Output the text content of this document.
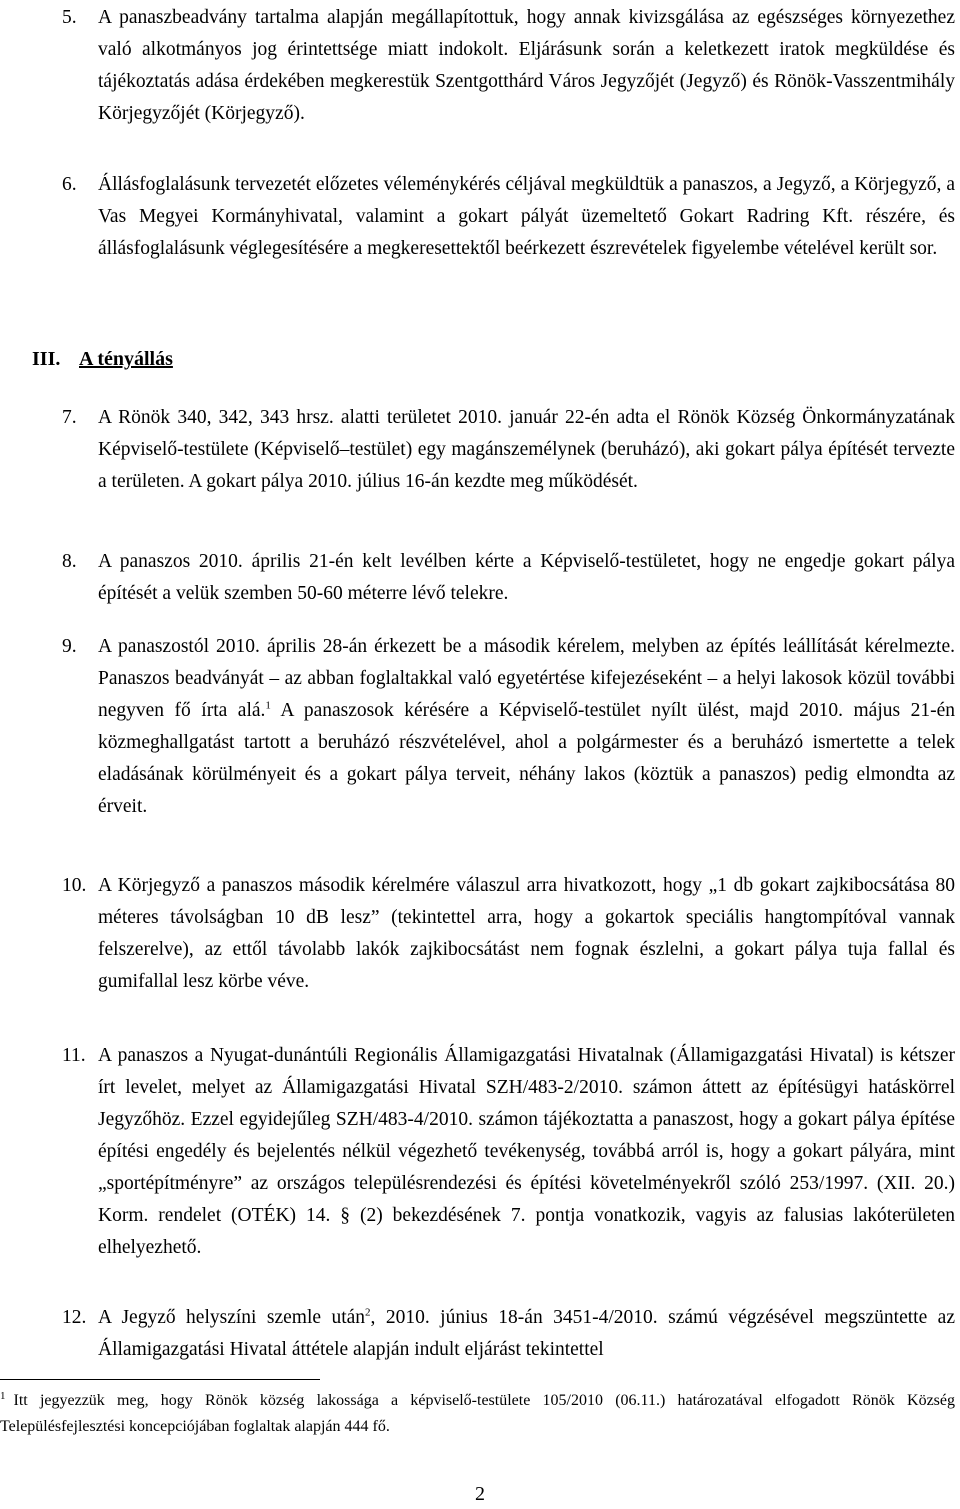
5. A panaszbeadvány tartalma alapján megállapítottuk, hogy annak kivizsgálása az egészséges környezethez való alkotmányos jog érintettsége miatt indokolt. Eljárásunk során a keletkezett iratok megküldése és tájékoztatás adása érdekében megkerestük Szentgotthárd Város Jegyzőjét (Jegyző) és Rönök-Vasszentmihály Körjegyzőjét (Körjegyző).
6. Állásfoglalásunk tervezetét előzetes véleménykérés céljával megküldtük a panaszos, a Jegyző, a Körjegyző, a Vas Megyei Kormányhivatal, valamint a gokart pályát üzemeltető Gokart Radring Kft. részére, és állásfoglalásunk véglegesítésére a megkeresettektől beérkezett észrevételek figyelembe vételével került sor.
III. A tényállás
7. A Rönök 340, 342, 343 hrsz. alatti területet 2010. január 22-én adta el Rönök Község Önkormányzatának Képviselő-testülete (Képviselő–testület) egy magánszemélynek (beruházó), aki gokart pálya építését tervezte a területen. A gokart pálya 2010. július 16-án kezdte meg működését.
8. A panaszos 2010. április 21-én kelt levélben kérte a Képviselő-testületet, hogy ne engedje gokart pálya építését a velük szemben 50-60 méterre lévő telekre.
9. A panaszostól 2010. április 28-án érkezett be a második kérelem, melyben az építés leállítását kérelmezte. Panaszos beadványát – az abban foglaltakkal való egyetértése kifejezéseként – a helyi lakosok közül további negyven fő írta alá.$^1$ A panaszosok kérésére a Képviselő-testület nyílt ülést, majd 2010. május 21-én közmeghallgatást tartott a beruházó részvételével, ahol a polgármester és a beruházó ismertette a telek eladásának körülményeit és a gokart pálya terveit, néhány lakos (köztük a panaszos) pedig elmondta az érveit.
10. A Körjegyző a panaszos második kérelmére válaszul arra hivatkozott, hogy „1 db gokart zajkibocsátása 80 méteres távolságban 10 dB lesz” (tekintettel arra, hogy a gokartok speciális hangtompítóval vannak felszerelve), az ettől távolabb lakók zajkibocsátást nem fognak észlelni, a gokart pálya tuja fallal és gumifallal lesz körbe véve.
11. A panaszos a Nyugat-dunántúli Regionális Államigazgatási Hivatalnak (Államigazgatási Hivatal) is kétszer írt levelet, melyet az Államigazgatási Hivatal SZH/483-2/2010. számon áttett az építésügyi hatáskörrel Jegyzőhöz. Ezzel egyidejűleg SZH/483-4/2010. számon tájékoztatta a panaszost, hogy a gokart pálya építése építési engedély és bejelentés nélkül végezhető tevékenység, továbbá arról is, hogy a gokart pályára, mint „sportépítményre” az országos településrendezési és építési követelményekről szóló 253/1997. (XII. 20.) Korm. rendelet (OTÉK) 14. § (2) bekezdésének 7. pontja vonatkozik, vagyis az falusias lakóterületen elhelyezhető.
12. A Jegyző helyszíni szemle után$^2$, 2010. június 18-án 3451-4/2010. számú végzésével megszüntette az Államigazgatási Hivatal áttétele alapján indult eljárást tekintettel
$^1$ Itt jegyezzük meg, hogy Rönök község lakossága a képviselő-testülete 105/2010 (06.11.) határozatával elfogadott Rönök Község Településfejlesztési koncepciójában foglaltak alapján 444 fő.
2
